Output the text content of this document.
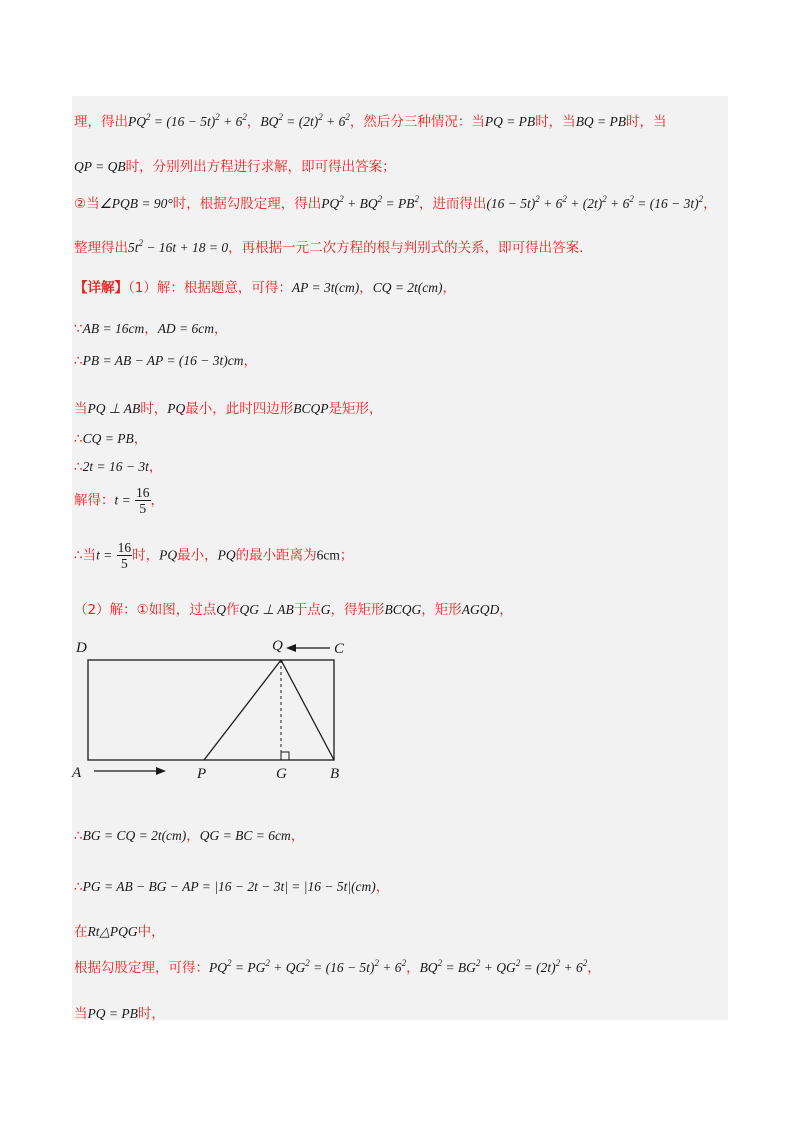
理，得出$PQ^2 = (16 - 5t)^2 + 6^2$，$BQ^2 = (2t)^2 + 6^2$，然后分三种情况：当PQ = PB时，当BQ = PB时，当
QP = QB时，分别列出方程进行求解，即可得出答案；
②当∠PQB = 90°时，根据勾股定理，得出$PQ^2 + BQ^2 = PB^2$，进而得出$(16 - 5t)^2 + 6^2 + (2t)^2 + 6^2 = (16 - 3t)^2$，
整理得出$5t^2 - 16t + 18 = 0$，再根据一元二次方程的根与判别式的关系，即可得出答案.
【详解】（1）解：根据题意，可得：AP = 3t(cm)，CQ = 2t(cm)，
∵AB = 16cm，AD = 6cm，
∴PB = AB − AP = (16 − 3t)cm，
当PQ ⊥ AB时，PQ最小，此时四边形BCQP是矩形，
∴CQ = PB，
∴2t = 16 − 3t，
解得：$t = \frac{16}{5}$ ，
∴当$t = \frac{16}{5}$ 时，PQ最小，PQ的最小距离为6cm；
（2）解：①如图，过点Q作QG ⊥ AB于点G，得矩形BCQG，矩形AGQD，
D	Q	C
A	P	G	B
∴BG = CQ = 2t(cm)，QG = BC = 6cm，
∴PG = AB − BG − AP = |16 − 2t − 3t| = |16 − 5t|(cm)，
在Rt△PQG中，
根据勾股定理，可得：$PQ^2 = PG^2 + QG^2 = (16 - 5t)^2 + 6^2$，$BQ^2 = BG^2 + QG^2 = (2t)^2 + 6^2$，
当PQ = PB时，
